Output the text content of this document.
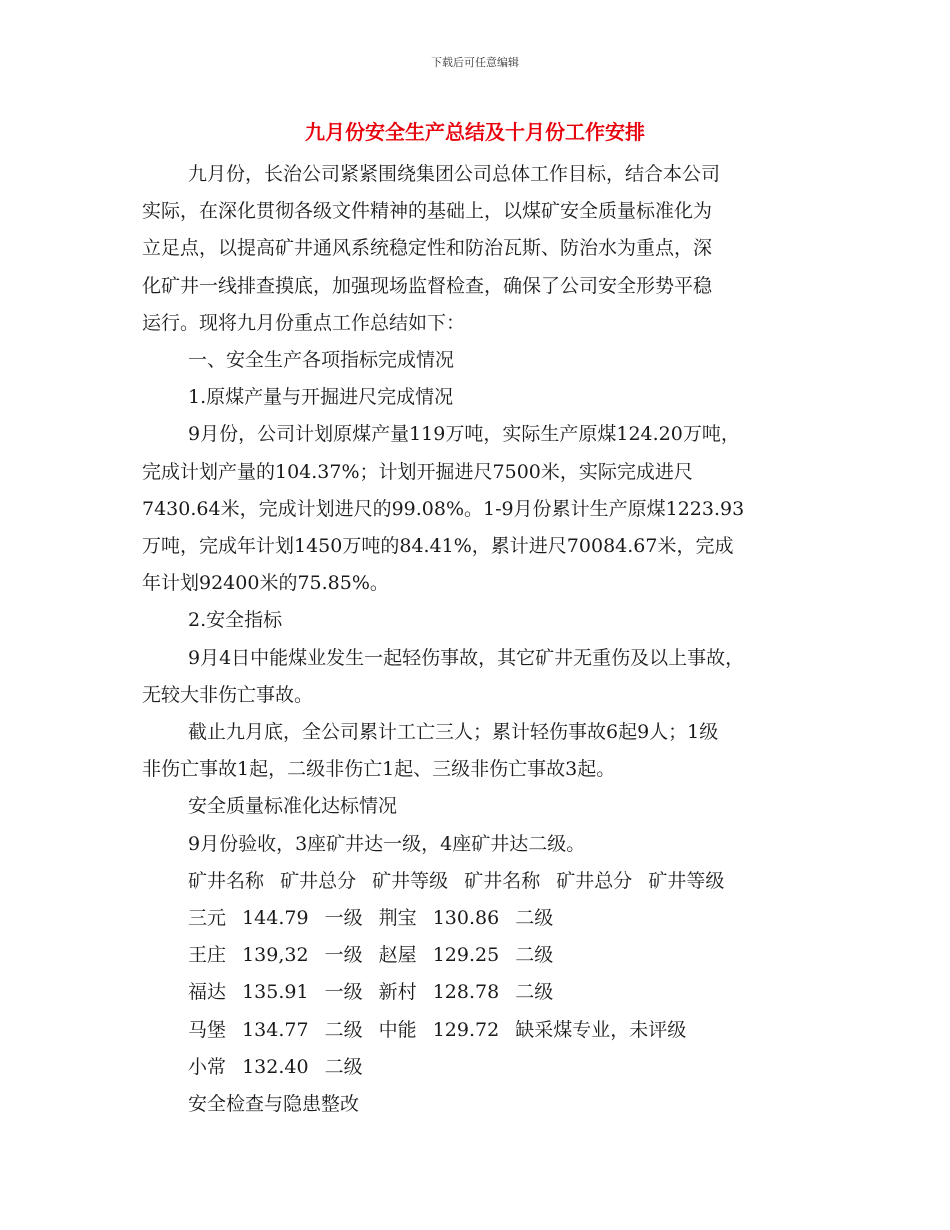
下载后可任意编辑
九月份安全生产总结及十月份工作安排

九月份，长治公司紧紧围绕集团公司总体工作目标，结合本公司
实际，在深化贯彻各级文件精神的基础上，以煤矿安全质量标准化为
立足点，以提高矿井通风系统稳定性和防治瓦斯、防治水为重点，深
化矿井一线排查摸底，加强现场监督检查，确保了公司安全形势平稳
运行。现将九月份重点工作总结如下：

一、安全生产各项指标完成情况

1.原煤产量与开掘进尺完成情况

9月份，公司计划原煤产量119万吨，实际生产原煤124.20万吨，
完成计划产量的104.37%；计划开掘进尺7500米，实际完成进尺
7430.64米，完成计划进尺的99.08%。1-9月份累计生产原煤1223.93
万吨，完成年计划1450万吨的84.41%，累计进尺70084.67米，完成
年计划92400米的75.85%。

2.安全指标

9月4日中能煤业发生一起轻伤事故，其它矿井无重伤及以上事故，
无较大非伤亡事故。

截止九月底，全公司累计工亡三人；累计轻伤事故6起9人；1级
非伤亡事故1起，二级非伤亡1起、三级非伤亡事故3起。

安全质量标准化达标情况

9月份验收，3座矿井达一级，4座矿井达二级。

矿井名称 矿井总分 矿井等级 矿井名称 矿井总分 矿井等级
三元 144.79 一级 荆宝 130.86 二级
王庄 139,32 一级 赵屋 129.25 二级
福达 135.91 一级 新村 128.78 二级
马堡 134.77 二级 中能 129.72 缺采煤专业，未评级
小常 132.40 二级

安全检查与隐患整改
